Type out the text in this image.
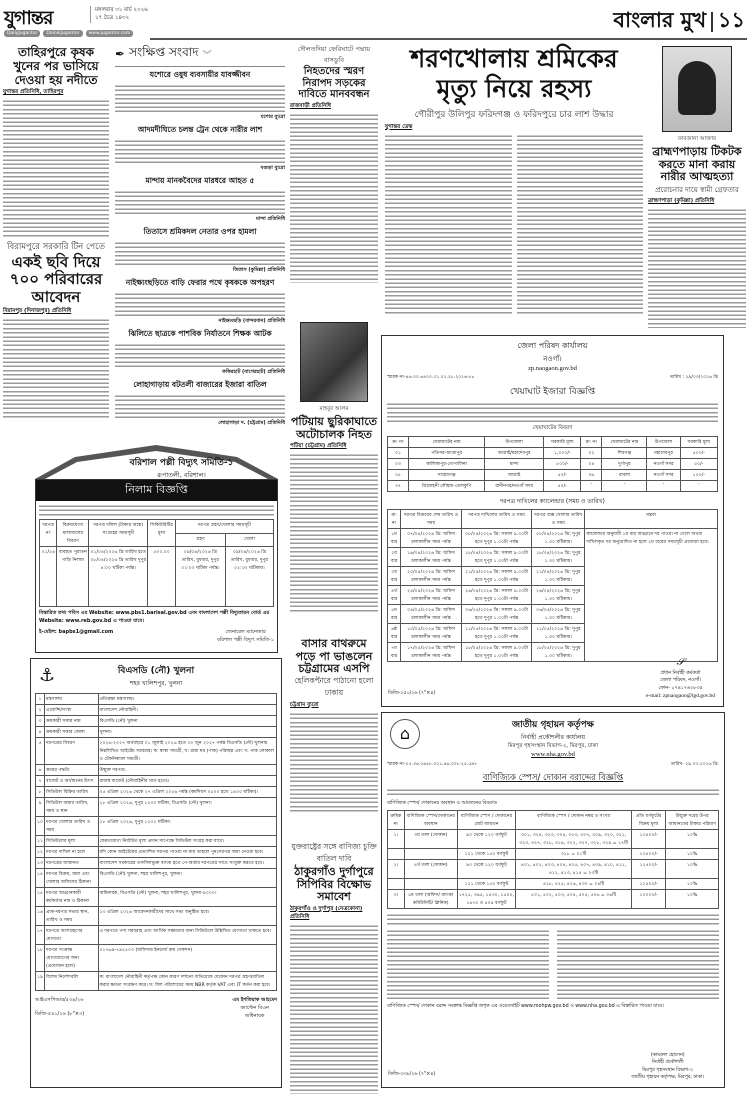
যুগান্তর	মঙ্গলবার ৩১ মার্চ ২০২৬
১৭ চৈত্র ১৪৩২
DailyJugantor	DainikJugantor	www.jugantor.com
বাংলার মুখ ১১
তাহিরপুরে কৃষক খুনের পর ভাসিয়ে দেওয়া হয় নদীতে
যুগান্তর প্রতিনিধি, তাহিরপুর
বিরামপুরে সরকারি টিন পেতে
একই ছবি দিয়ে ৭০০ পরিবারের আবেদন
বিরামপুর (দিনাজপুর) প্রতিনিধি
✒ সংক্ষিপ্ত সংবাদ ︾
যশোরে ওষুধ ব্যবসায়ীর যাবজ্জীবন
যশোর ব্যুরো
আদমদীঘিতে চলন্ত ট্রেন থেকে নারীর লাশ
বগুড়া ব্যুরো
মান্দায় মানকবৈদের মারধরে আহত ৫
মান্দা প্রতিনিধি
তিতাসে শ্রমিকদল নেতার ওপর হামলা
তিতাস (কুমিল্লা) প্রতিনিধি
নাইক্ষ্যংছড়িতে বাড়ি ফেরার পথে কৃষককে অপহরণ
নাইক্ষ্যংছড়ি (বান্দরবান) প্রতিনিধি
ঝিলিতে ছাত্রকে পাশবিক নির্যাতনে শিক্ষক আটক
ফকিরহাট (বাগেরহাট) প্রতিনিধি
লোহাগাড়ায় বটতলী বাজারের ইজারা বাতিল
লোহাগাড়া দ. (চট্টগ্রাম) প্রতিনিধি
দৌলতদিয়া ফেরিঘাটে পদ্মায় বাসডুবি
নিহতদের স্মরণ নিরাপদ সড়কের দাবিতে মানববন্ধন
রাজবাড়ী প্রতিনিধি
মাহবুব আলম
পটিয়ায় ছুরিকাঘাতে অটোচালক নিহত
পটিয়া (চট্টগ্রাম) প্রতিনিধি
বাসার বাথরুমে পড়ে পা ভাঙলেন চট্টগ্রামের এসপি
হেলিকপ্টারে পাঠানো হলো ঢাকায়
চট্টগ্রাম ব্যুরো
যুক্তরাষ্ট্রের সঙ্গে বাণিজ্য চুক্তি বাতিল দাবি
ঠাকুরগাঁও দুর্গাপুরে সিপিবির বিক্ষোভ সমাবেশ
ঠাকুরগাঁও ও দুর্গাপুর (নেত্রকোনা) প্রতিনিধি
শরণখোলায় শ্রমিকের মৃত্যু নিয়ে রহস্য
গৌরীপুর উলিপুর ফরিদগঞ্জ ও ফরিদপুরে চার লাশ উদ্ধার
যুগান্তর ডেস্ক
ফারজানা আক্তার
ব্রাহ্মণপাড়ায় টিকটক করতে মানা করায় নারীর আত্মহত্যা
প্ররোচনার দায়ে স্বামী গ্রেফতার
ব্রাহ্মণপাড়া (কুমিল্লা) প্রতিনিধি
জেলা পরিষদ কার্যালয়
নওগাঁ।
zp.naogaon.gov.bd
স্মারক নং-৪৬.০০.৬৪০০.০১.০২.২৮.২০২৬-৮৮	তারিখ : ২৯/০৩/২০২৬ খ্রি
খেয়াঘাট ইজারা বিজ্ঞপ্তি
খেয়াঘাটের বিবরণ
ক্র: নং	খেয়াঘাটের নাম	উপজেলা	সরকারি মূল্য	ক্র: নং	খেয়াঘাটের নাম	উপজেলা	সরকারি মূল্য
০১	পতিসর-আত্রাপুর	আত্রাই/মহাদেবপুর	১,০০০/-	০২	শিবগঞ্জ	মহাদেবপুর	৫০০/-
০৩	কালিকাপুর-গোপালিনা	মান্দা	৫০০/-	০৪	দুর্গাপুর	নওগাঁ সদর	৫০/-
০৫	সাহেবগঞ্জ	আত্রাই	৫০/-	০৬	বাবলা	নওগাঁ সদর	১০০/-
০৭	ত্রিমোহনী লৌহজ-তেলকুপি	রানীনগর/নওগাঁ সদর	৫০/-	-	-	-	-
দরপত্র দাখিলের ক্যালেন্ডার (সময় ও তারিখ)
ক্র: নং	দরপত্র বিক্রয়ের শেষ তারিখ ও সময়	দরপত্র দাখিলের তারিখ ও সময়	দরপত্র বাক্স খোলার তারিখ ও সময়	মন্তব্য
১ম বার	০৭/০৪/২০২৬ খ্রি: অফিস চলাকালীন সময় পর্যন্ত	০৮/০৪/২০২৬ খ্রি: সকাল ৯.০০টা হতে দুপুর ১.০০টা পর্যন্ত	০৮/০৪/২০২৬ খ্রি: দুপুর ১.৩০ ঘটিকায়।	ক্যালেন্ডার অনুযায়ী ১ম বার আহ্বানে দর পাওয়া না গেলে অথবা দাখিলকৃত দর অনুমোদিত না হলে ২য় বারের সময়সূচী প্রযোজ্য হবে।
২য় বার	১৬/০৪/২০২৬ খ্রি: অফিস চলাকালীন সময় পর্যন্ত	১৮/০৪/২০২৬ খ্রি: সকাল ৯.০০টা হতে দুপুর ১.০০টা পর্যন্ত	১৮/০৪/২০২৬ খ্রি: দুপুর ১.৩০ ঘটিকায়।	
৩য় বার	২০/০৪/২০২৬ খ্রি: অফিস চলাকালীন সময় পর্যন্ত	২১/০৪/২০২৬ খ্রি: সকাল ৯.০০টা হতে দুপুর ১.০০টা পর্যন্ত	২১/০৪/২০২৬ খ্রি: দুপুর ১.৩০ ঘটিকায়।	
৪র্থ বার	২৪/০৪/২০২৬ খ্রি: অফিস চলাকালীন সময় পর্যন্ত	২৬/০৪/২০২৬ খ্রি: সকাল ৯.০০টা হতে দুপুর ১.০০টা পর্যন্ত	২৬/০৪/২০২৬ খ্রি: দুপুর ১.৩০ ঘটিকায়।	
৫ম বার	০৪/০৫/২০২৬ খ্রি: অফিস চলাকালীন সময় পর্যন্ত	০৬/০৫/২০২৬ খ্রি: সকাল ৯.০০টা হতে দুপুর ১.০০টা পর্যন্ত	০৬/০৫/২০২৬ খ্রি: দুপুর ১.৩০ ঘটিকায়।	
৬ষ্ঠ বার	১০/০৫/২০২৬ খ্রি: অফিস চলাকালীন সময় পর্যন্ত	১১/০৫/২০২৬ খ্রি: সকাল ৯.০০টা হতে দুপুর ১.০০টা পর্যন্ত	১১/০৫/২০২৬ খ্রি: দুপুর ১.৩০ ঘটিকায়।	
৭ম বার	১৭/০৫/২০২৬ খ্রি: অফিস চলাকালীন সময় পর্যন্ত	১৮/০৫/২০২৬ খ্রি: সকাল ৯.০০টা হতে দুপুর ১.০০টা পর্যন্ত	১৮/০৫/২০২৬ খ্রি: দুপুর ১.৩০ ঘটিকায়।	
𝒮
প্রধান নির্বাহী কর্মকর্তা
জেলা পরিষদ, নওগাঁ।
ফোন- ০৭৪১৭৬২৮৩৫
e-mail: zpnaogaon@lgd.gov.bd
ডিজি-২৫০/২৬ (৭"×৪)
বরিশাল পল্লী বিদ্যুৎ সমিতি-১
রূপাতলী, বরিশাল।
নিলাম বিজ্ঞপ্তি
দরপত্র নং	বিক্রয়যোগ্য মালামালের বিবরণ	দরপত্র দলিল (টাকার অঙ্কে) সংগ্রহের সময়সূচী	সিকিউরিটির মূল্য	দরপত্র গ্রহণ/খোলার সময়সূচী	
				গ্রহণ	খোলা
০১/২৬	ব্যবহৃত পুরাতন গাড়ি নিলাম	০১/০৪/২০২৬ খ্রি তারিখ হতে ০৮/০৪/২০২৬ খ্রি তারিখ দুপুর ৪:০০ ঘটিকা পর্যন্ত।	৫০০.০০	০৯/০৪/২০২৬ খ্রি তারিখ, বুধবার, দুপুর ০২:০০ ঘটিকা পর্যন্ত।	০৯/০৪/২০২৬ খ্রি তারিখ, বুধবার, দুপুর ০২:৩০ ঘটিকায়।
বিস্তারিত তথ্য পবিস এর Website: www.pbs1.barisal.gov.bd এবং বাংলাদেশ পল্লী বিদ্যুতায়ন বোর্ড এর Website: www.reb.gov.bd এ পাওয়া যাবে।
ই-মেইল: bapbs1@gmail.com	জেনারেল ম্যানেজার
বরিশাল পল্লী বিদ্যুৎ সমিতি-১
⚓	বিএসডি (নৌ) খুলনা
শহর খালিশপুর, খুলনা
১	মন্ত্রণালয়	প্রতিরক্ষা মন্ত্রণালয়।
২	এজেন্সি/সংস্থা	বাংলাদেশ নৌবাহিনী।
৩	ক্রয়কারী সত্তার নাম	বিএসডি (নৌ) খুলনা
৪	ক্রয়কারী সত্তার জেলা	খুলনা।
৫	দরপত্রের বিবরণ	২০২৬-২০২৭ অর্থবছরে ০১ জুলাই ২০২৬ হতে ৩০ জুন ২০২৭ পর্যন্ত বিএসডি (নৌ) খুলনায় নিম্নলিখিত আইটেম সরবরাহ। ক: স্বাস্থ্য সামগ্রী, খ: রান্না ঘর (পাক) পরিচ্ছন্ন এবং গ: পাক লোকাল ও টেকনিক্যাল সামগ্রী।
৬	ক্রয়ের পদ্ধতি	উন্মুক্ত দরপত্র।
৭	বাজেট ও অর্থায়নের উৎস	রাজস্ব বাজেট (নৌবাহিনীর খাত হতে)।
৮	সিডিউল বিক্রির তারিখ	০৫ এপ্রিল ২০২৬ থেকে ২৭ এপ্রিল ২০২৬ পর্যন্ত (কর্মদিবস ০৮০০ হতে ১৪০০ ঘটিকা)।
৯	সিডিউল জমার তারিখ, সময় ও স্থান	২৮ এপ্রিল ২০২৬, দুপুর ১২৩০ ঘটিকা, বিএসডি (নৌ) খুলনা।
১০	দরপত্র খোলার তারিখ ও সময়	২৮ এপ্রিল ২০২৬, দুপুর ১২৩১ ঘটিকা।
১১	সিডিউলের মূল্য	ফেরতযোগ্য নির্ধারিত মূল্য প্রদান সাপেক্ষে সিডিউল সংগ্রহ করা যাবে।
১২	দরপত্র দাখিল না হলে	যদি কোন আইটেমের প্রত্যাশিত দরপত্র পাওয়া না যায় তাহলে পুনঃদরপত্র জমা নেওয়া হবে।
১৩	দরপত্রের জামানত	বাংলাদেশ সরকারের তফসিলভুক্ত ব্যাংক হতে পে-অর্ডার দরপত্রের সাথে সংযুক্ত করতে হবে।
১৪	দরপত্র বিক্রয়, জমা এবং খোলার অফিসের ঠিকানা	বিএসডি (নৌ) খুলনা, শহর খালিশপুর, খুলনা।
১৫	দরপত্র আহ্বানকারী কর্মকর্তার নাম ও ঠিকানা	অধিনায়ক, বিএসডি (নৌ) খুলনা, শহর খালিশপুর, খুলনা-৯০০০।
১৬	প্রাক-দরপত্র সভার স্থান, তারিখ ও সময়	১৩ এপ্রিল ২০২৬ আবেদনকারীদের সাথে সভা অনুষ্ঠিত হবে।
১৭	দরপত্রে অংশগ্রহণের যোগ্যতা	এ দরপত্রে পণ্য সরবরাহ এবং আর্থিক সক্ষমতার জন্য সিডিউলে উল্লিখিত যোগ্যতা থাকতে হবে।
১৮	দরপত্র সংক্রান্ত যোগাযোগের জন্য (প্রয়োজন হলে)	০১৭৬৯-৭৯২৫০৩ (অফিসার ইনচার্জ ক্রয় সেকশন)
১৯	বিশেষ নির্দেশাবলি	ক: বাংলাদেশ নৌবাহিনী কর্তৃপক্ষ কোন কারণ দর্শানো ব্যতিরেকে যেকোন দরপত্র গ্রহণ/বাতিল করার ক্ষমতা সংরক্ষণ করে। ঘ: বিল পরিশোধের সময় NBR কর্তৃক VAT এবং IT কর্তন করা হবে।
আইএসপিআর/৫৩৪/২৬

ডিজি-৫৪১/২৬ (৮"×৩)
এম ইশতিয়াক আহমেদ
ক্যাপ্টেন বিএন
অধিনায়ক
⌂	জাতীয় গৃহায়ন কর্তৃপক্ষ
নির্বাহী প্রকৌশলীর কার্যালয়
মিরপুর গৃহসংস্থান বিভাগ-২, মিরপুর, ঢাকা
www.nha.gov.bd
স্মারক নং-২৫.৩৬.২৬৫৮.৩২১.৪৬.০০৮.২৫.৫৯৭	তারিখ- ২৯.০৩.২০২৬ খ্রি.
বাণিজ্যিক স্পেস/ দোকান বরাদ্দের বিজ্ঞপ্তি
বাণিজ্যিক স্পেস/ দোকানের অবস্থান ও আয়তনের বিবরণঃ
ক্রমিক নং	বাণিজ্যিক স্পেস/দোকানের অবস্থান	বাণিজ্যিক স্পেস / দোকানের মোট আয়তন	বাণিজ্যিক স্পেস / দোকান নম্বর ও সংখ্যা	প্রতি বর্গফুটের বিক্রয় মূল্য	উন্মুক্ত দরের উপর জামানতের টাকার পরিমাণ
১।	৩য় তলা (দোকান)	৯০ থেকে ১২০ বর্গফুট	৩০১, ৩২৪, ৩২৩, ৩০৪, ৩২৩, ৩০৭, ৩০৯, ৩২০, ৩২১, ৩২৩, ৩২৭, ৩২৮, ৩১৯, ৩২২, ৩২৭, ৩২৮, ৩২৯ = ১৭টি	১৩৫০০/-	১০%
		১২১ থেকে ১৫০ বর্গফুট	৩১৮ = ০১টি	১৩৫০০/-	১০%
২।	৪র্থ তলা (দোকান)	৯০ থেকে ১২০ বর্গফুট	৪০১, ৪০২, ৪০৩, ৪০৪, ৪০৫, ৪০৭, ৪০৯, ৪১০, ৪১১, ৪১২, ৪১৩, ৪১৫ = ২৩টি	১২৫০০/-	১০%
		১২১ থেকে ১৫০ বর্গফুট	৪১৮, ৪২৫, ৪২৬, ৪৩০ = ০৪টি	১২৫০০/-	১০%
৩।	৫ম তলা (অফিস/ ব্যাংক/ কমিউনিটি/ ক্লিনিক)	১৭২৫, ৩৬৫, ১৪৩০, ১৫০০, ১৬৭০ ও ৪০৯ বর্গফুট	৫০১, ৫০২, ৫০৩, ৫০৪, ৫০৫, ৫০৬ = ০৬টি	১০০০০/-	১০%
বাণিজ্যিক স্পেস/ দোকান বরাদ্দ সংক্রান্ত বিজ্ঞপ্তি জগৃক এর ওয়েবসাইট www.mohpw.gov.bd ও www.nha.gov.bd এ বিস্তারিত পাওয়া যাবে।
(কামরুল হোসেন)
নির্বাহী প্রকৌশলী
মিরপুর গৃহসংস্থান বিভাগ-২
জাতীয় গৃহায়ন কর্তৃপক্ষ, মিরপুর, ঢাকা।
ডিজি-৩৩৮/২৬ (৭"×৪)
